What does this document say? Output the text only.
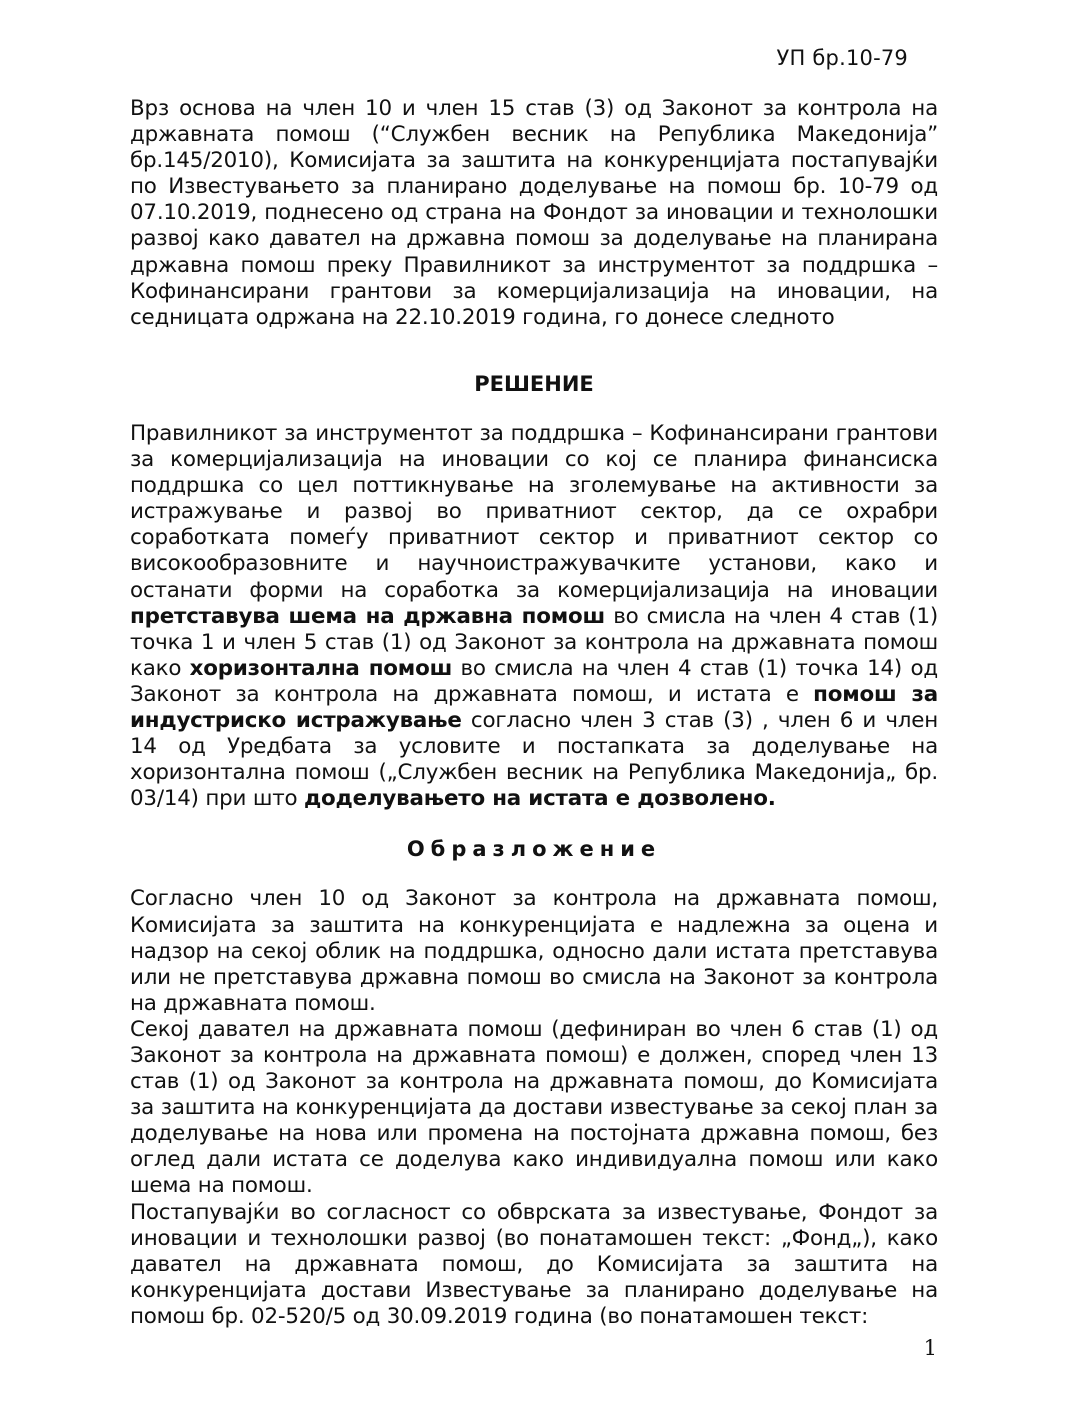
УП бр.10-79

Врз основа на член 10 и член 15 став (3) од Законот за контрола на државната помош (“Службен весник на Република Македонија” бр.145/2010), Комисијата за заштита на конкуренцијата постапувајќи по Известувањето за планирано доделување на помош бр. 10-79 од 07.10.2019, поднесено од страна на Фондот за иновации и технолошки развој како давател на државна помош за доделување на планирана државна помош преку Правилникот за инструментот за поддршка – Кофинансирани грантови за комерцијализација на иновации, на седницата одржана на 22.10.2019 година, го донесе следното

РЕШЕНИЕ

Правилникот за инструментот за поддршка – Кофинансирани грантови за комерцијализација на иновации со кој се планира финансиска поддршка со цел поттикнување на зголемување на активности за истражување и развој во приватниот сектор, да се охрабри соработката помеѓу приватниот сектор и приватниот сектор со високообразовните и научноистражувачките установи, како и останати форми на соработка за комерцијализација на иновации претставува шема на државна помош во смисла на член 4 став (1) точка 1 и член 5 став (1) од Законот за контрола на државната помош како хоризонтална помош во смисла на член 4 став (1) точка 14) од Законот за контрола на државната помош, и истата е помош за индустриско истражување согласно член 3 став (3) , член 6 и член 14 од Уредбата за условите и постапката за доделување на хоризонтална помош („Службен весник на Република Македонија„ бр. 03/14) при што доделувањето на истата е дозволено.

Образложение

Согласно член 10 од Законот за контрола на државната помош, Комисијата за заштита на конкуренцијата е надлежна за оцена и надзор на секој облик на поддршка, односно дали истата претставува или не претставува државна помош во смисла на Законот за контрола на државната помош.

Секој давател на државната помош (дефиниран во член 6 став (1) од Законот за контрола на државната помош) е должен, според член 13 став (1) од Законот за контрола на државната помош, до Комисијата за заштита на конкуренцијата да достави известување за секој план за доделување на нова или промена на постојната државна помош, без оглед дали истата се доделува како индивидуална помош или како шема на помош.

Постапувајќи во согласност со обврската за известување, Фондот за иновации и технолошки развој (во понатамошен текст: „Фонд„), како давател на државната помош, до Комисијата за заштита на конкуренцијата достави Известување за планирано доделување на помош бр. 02-520/5 од 30.09.2019 година (во понатамошен текст:

1
